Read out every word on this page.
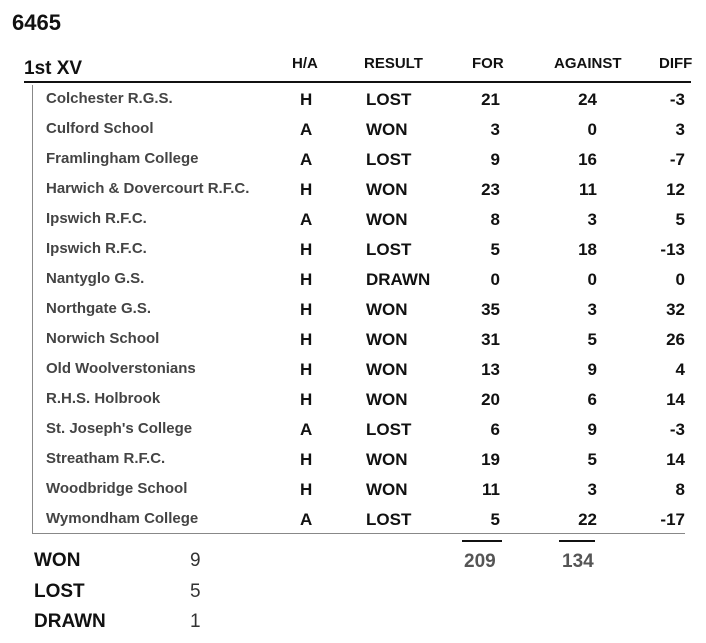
6465
1st XV	H/A	RESULT	FOR	AGAINST	DIFF
Colchester R.G.S.	H	LOST	21	24	-3
Culford School	A	WON	3	0	3
Framlingham College	A	LOST	9	16	-7
Harwich & Dovercourt R.F.C.	H	WON	23	11	12
Ipswich R.F.C.	A	WON	8	3	5
Ipswich R.F.C.	H	LOST	5	18	-13
Nantyglo G.S.	H	DRAWN	0	0	0
Northgate G.S.	H	WON	35	3	32
Norwich School	H	WON	31	5	26
Old Woolverstonians	H	WON	13	9	4
R.H.S. Holbrook	H	WON	20	6	14
St. Joseph's College	A	LOST	6	9	-3
Streatham R.F.C.	H	WON	19	5	14
Woodbridge School	H	WON	11	3	8
Wymondham College	A	LOST	5	22	-17
209	134
WON	9
LOST	5
DRAWN	1
